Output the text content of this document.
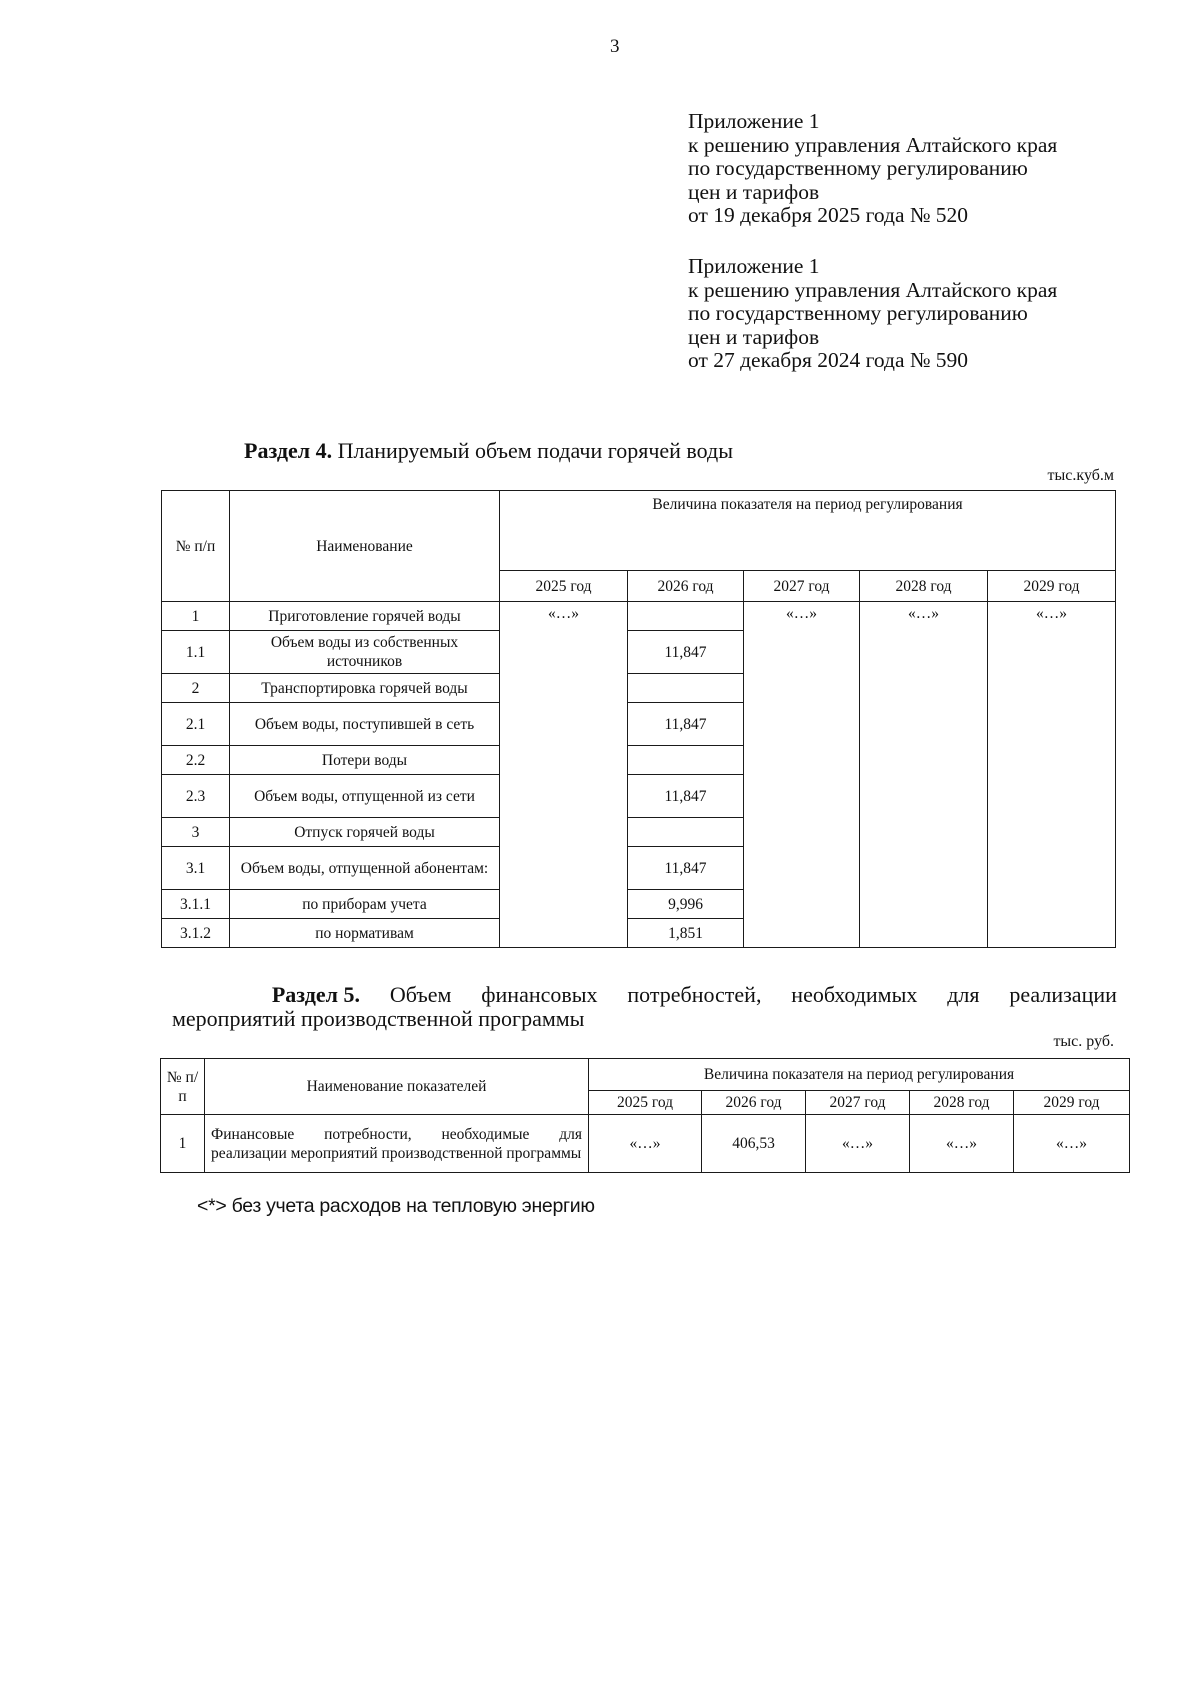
3
Приложение 1
к решению управления Алтайского края
по государственному регулированию
цен и тарифов
от 19 декабря 2025 года № 520
Приложение 1
к решению управления Алтайского края
по государственному регулированию
цен и тарифов
от 27 декабря 2024 года № 590
Раздел 4. Планируемый объем подачи горячей воды
тыс.куб.м
№ п/п	Наименование	Величина показателя на период регулирования				
		2025 год	2026 год	2027 год	2028 год	2029 год
1	Приготовление горячей воды	«…»		«…»	«…»	«…»
1.1	Объем воды из собственных источников		11,847			
2	Транспортировка горячей воды					
2.1	Объем воды, поступившей в сеть		11,847			
2.2	Потери воды					
2.3	Объем воды, отпущенной из сети		11,847			
3	Отпуск горячей воды					
3.1	Объем воды, отпущенной абонентам:		11,847			
3.1.1	по приборам учета		9,996			
3.1.2	по нормативам		1,851			
Раздел 5. Объем финансовых потребностей, необходимых для реализации
мероприятий производственной программы
тыс. руб.
№ п/п	Наименование показателей	Величина показателя на период регулирования				
		2025 год	2026 год	2027 год	2028 год	2029 год
1	Финансовые потребности, необходимые для реализации мероприятий производственной программы	«…»	406,53	«…»	«…»	«…»
<*> без учета расходов на тепловую энергию
